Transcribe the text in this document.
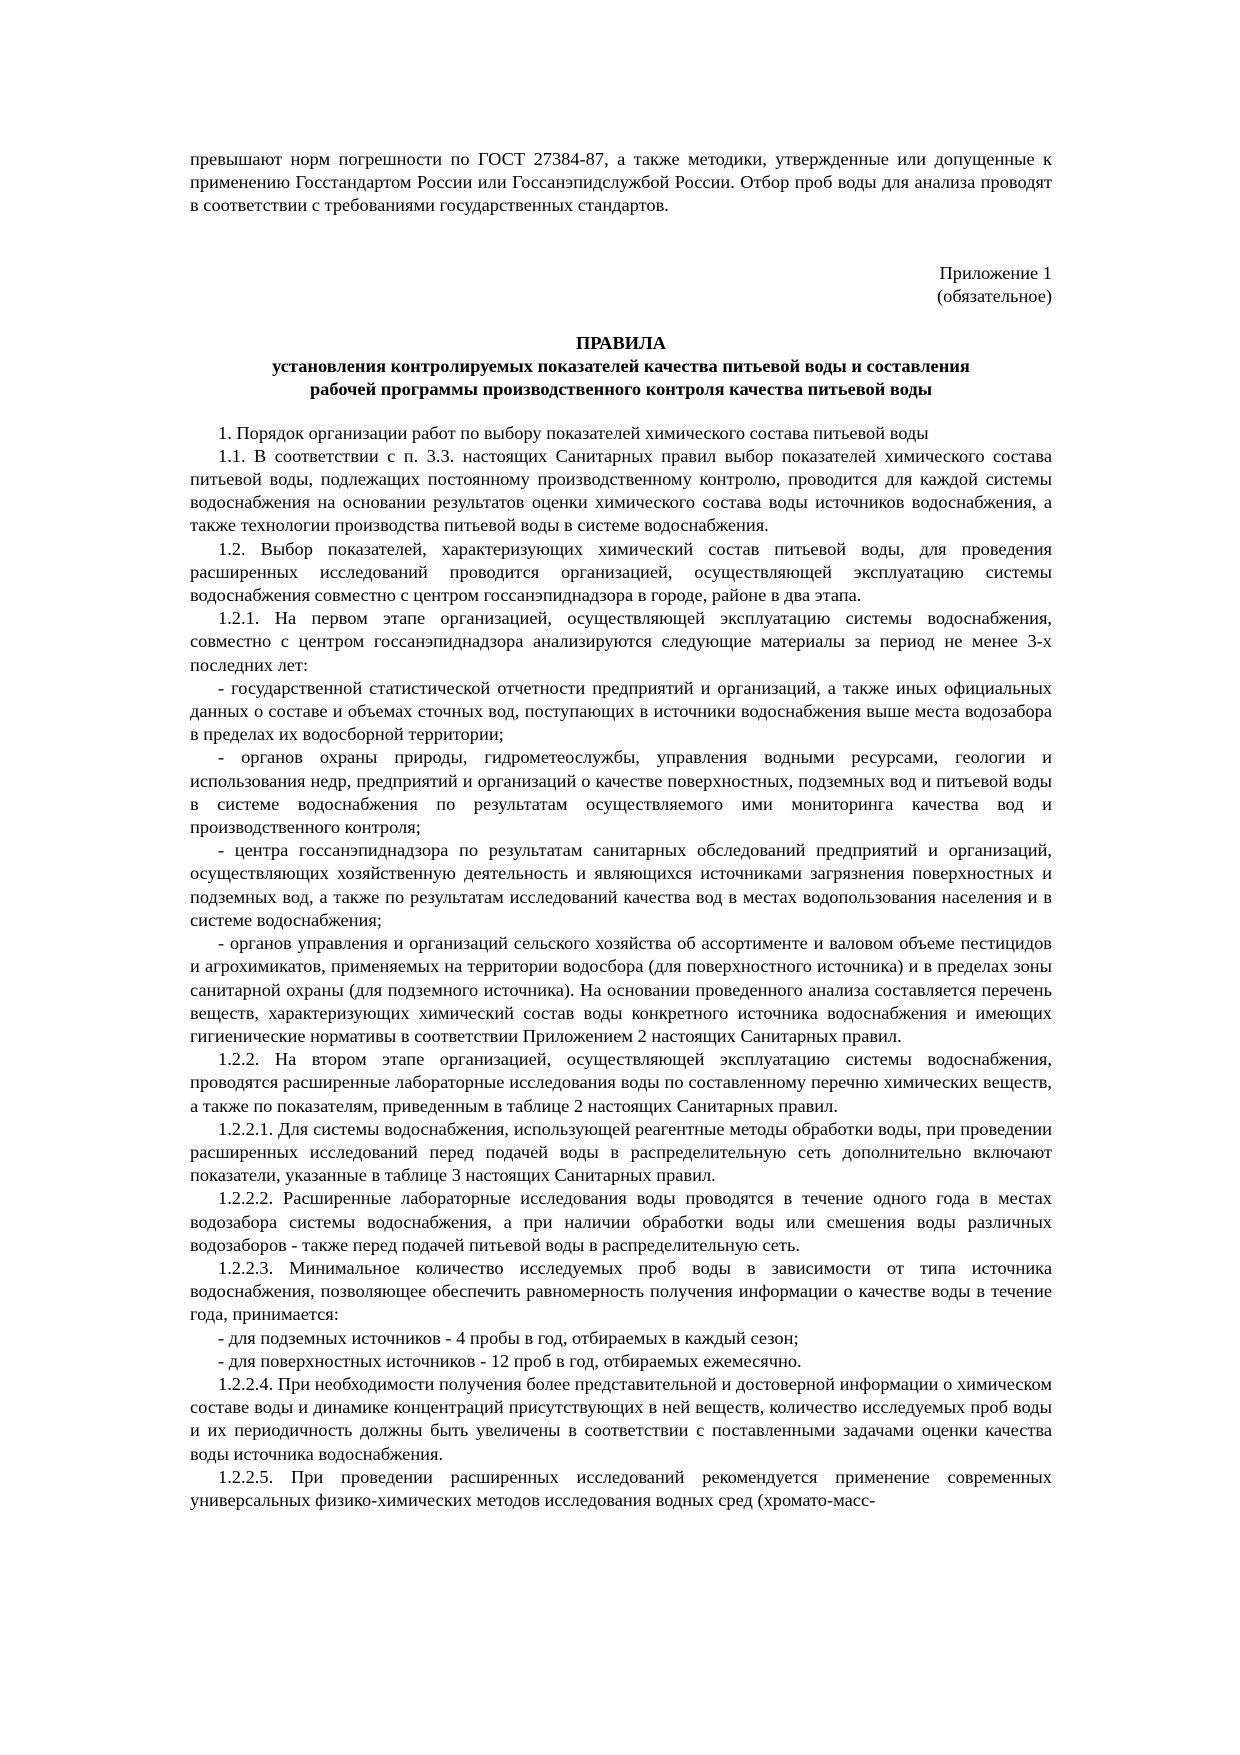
превышают норм погрешности по ГОСТ 27384-87, а также методики, утвержденные или допущенные к применению Госстандартом России или Госсанэпидслужбой России. Отбор проб воды для анализа проводят в соответствии с требованиями государственных стандартов.

Приложение 1
(обязательное)

ПРАВИЛА
установления контролируемых показателей качества питьевой воды и составления
рабочей программы производственного контроля качества питьевой воды

1. Порядок организации работ по выбору показателей химического состава питьевой воды

1.1. В соответствии с п. 3.3. настоящих Санитарных правил выбор показателей химического состава питьевой воды, подлежащих постоянному производственному контролю, проводится для каждой системы водоснабжения на основании результатов оценки химического состава воды источников водоснабжения, а также технологии производства питьевой воды в системе водоснабжения.

1.2. Выбор показателей, характеризующих химический состав питьевой воды, для проведения расширенных исследований проводится организацией, осуществляющей эксплуатацию системы водоснабжения совместно с центром госсанэпиднадзора в городе, районе в два этапа.

1.2.1. На первом этапе организацией, осуществляющей эксплуатацию системы водоснабжения, совместно с центром госсанэпиднадзора анализируются следующие материалы за период не менее 3-х последних лет:

- государственной статистической отчетности предприятий и организаций, а также иных официальных данных о составе и объемах сточных вод, поступающих в источники водоснабжения выше места водозабора в пределах их водосборной территории;

- органов охраны природы, гидрометеослужбы, управления водными ресурсами, геологии и использования недр, предприятий и организаций о качестве поверхностных, подземных вод и питьевой воды в системе водоснабжения по результатам осуществляемого ими мониторинга качества вод и производственного контроля;

- центра госсанэпиднадзора по результатам санитарных обследований предприятий и организаций, осуществляющих хозяйственную деятельность и являющихся источниками загрязнения поверхностных и подземных вод, а также по результатам исследований качества вод в местах водопользования населения и в системе водоснабжения;

- органов управления и организаций сельского хозяйства об ассортименте и валовом объеме пестицидов и агрохимикатов, применяемых на территории водосбора (для поверхностного источника) и в пределах зоны санитарной охраны (для подземного источника). На основании проведенного анализа составляется перечень веществ, характеризующих химический состав воды конкретного источника водоснабжения и имеющих гигиенические нормативы в соответствии Приложением 2 настоящих Санитарных правил.

1.2.2. На втором этапе организацией, осуществляющей эксплуатацию системы водоснабжения, проводятся расширенные лабораторные исследования воды по составленному перечню химических веществ, а также по показателям, приведенным в таблице 2 настоящих Санитарных правил.

1.2.2.1. Для системы водоснабжения, использующей реагентные методы обработки воды, при проведении расширенных исследований перед подачей воды в распределительную сеть дополнительно включают показатели, указанные в таблице 3 настоящих Санитарных правил.

1.2.2.2. Расширенные лабораторные исследования воды проводятся в течение одного года в местах водозабора системы водоснабжения, а при наличии обработки воды или смешения воды различных водозаборов - также перед подачей питьевой воды в распределительную сеть.

1.2.2.3. Минимальное количество исследуемых проб воды в зависимости от типа источника водоснабжения, позволяющее обеспечить равномерность получения информации о качестве воды в течение года, принимается:

- для подземных источников - 4 пробы в год, отбираемых в каждый сезон;

- для поверхностных источников - 12 проб в год, отбираемых ежемесячно.

1.2.2.4. При необходимости получения более представительной и достоверной информации о химическом составе воды и динамике концентраций присутствующих в ней веществ, количество исследуемых проб воды и их периодичность должны быть увеличены в соответствии с поставленными задачами оценки качества воды источника водоснабжения.

1.2.2.5. При проведении расширенных исследований рекомендуется применение современных универсальных физико-химических методов исследования водных сред (хромато-масс-
